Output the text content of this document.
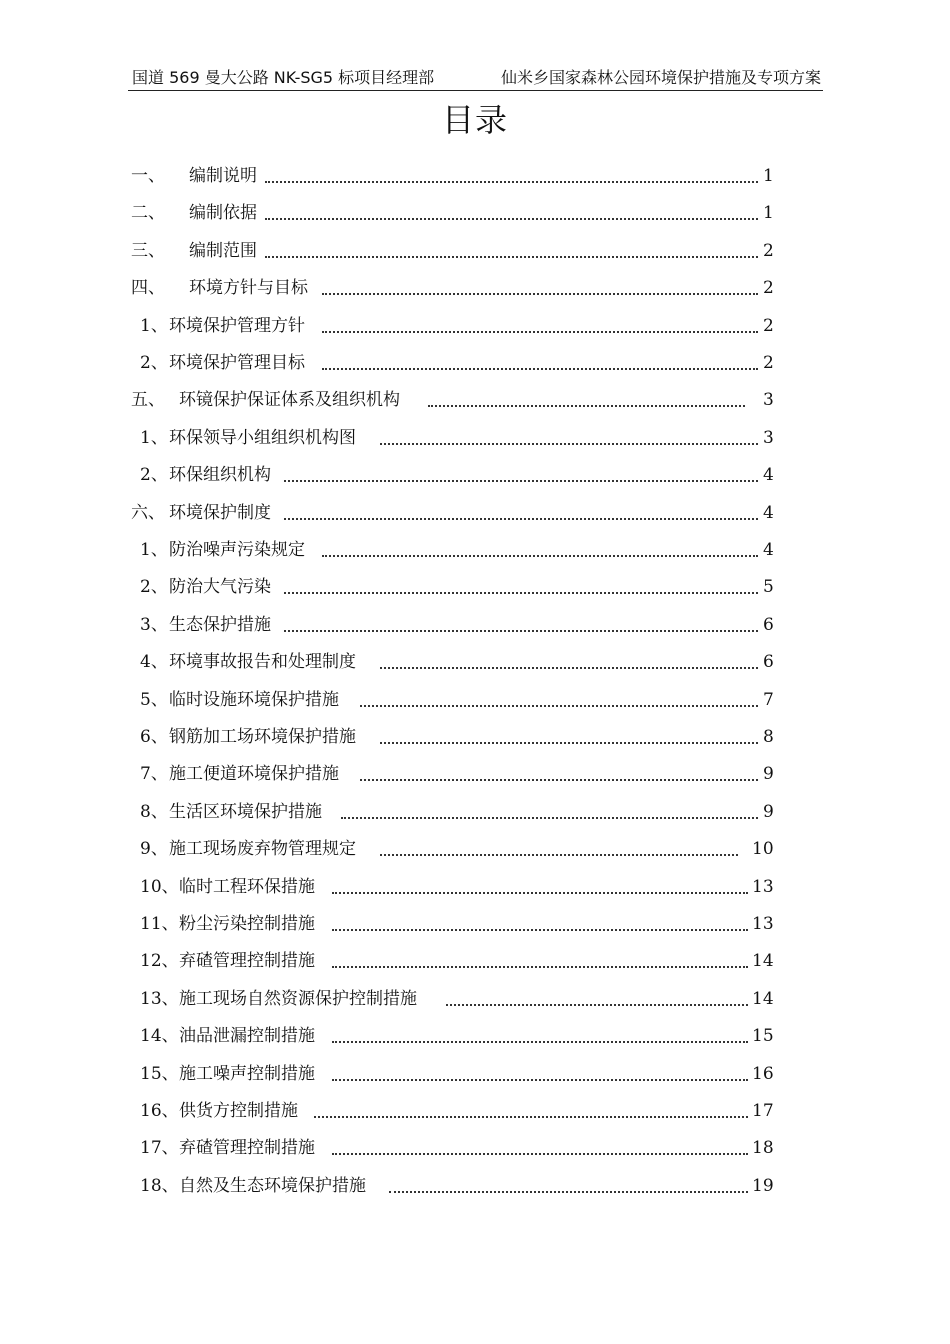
国道 569 曼大公路 NK-SG5 标项目经理部	仙米乡国家森林公园环境保护措施及专项方案
目录
一、 编制说明	1
二、 编制依据	1
三、 编制范围	2
四、 环境方针与目标	2
1、 环境保护管理方针	2
2、 环境保护管理目标	2
五、 环镜保护保证体系及组织机构	3
1、 环保领导小组组织机构图	3
2、 环保组织机构	4
六、 环境保护制度	4
1、 防治噪声污染规定	4
2、 防治大气污染	5
3、 生态保护措施	6
4、 环境事故报告和处理制度	6
5、 临时设施环境保护措施	7
6、 钢筋加工场环境保护措施	8
7、 施工便道环境保护措施	9
8、 生活区环境保护措施	9
9、 施工现场废弃物管理规定	10
10、 临时工程环保措施	13
11、 粉尘污染控制措施	13
12、 弃碴管理控制措施	14
13、 施工现场自然资源保护控制措施	14
14、 油品泄漏控制措施	15
15、 施工噪声控制措施	16
16、 供货方控制措施	17
17、 弃碴管理控制措施	18
18、 自然及生态环境保护措施	19
